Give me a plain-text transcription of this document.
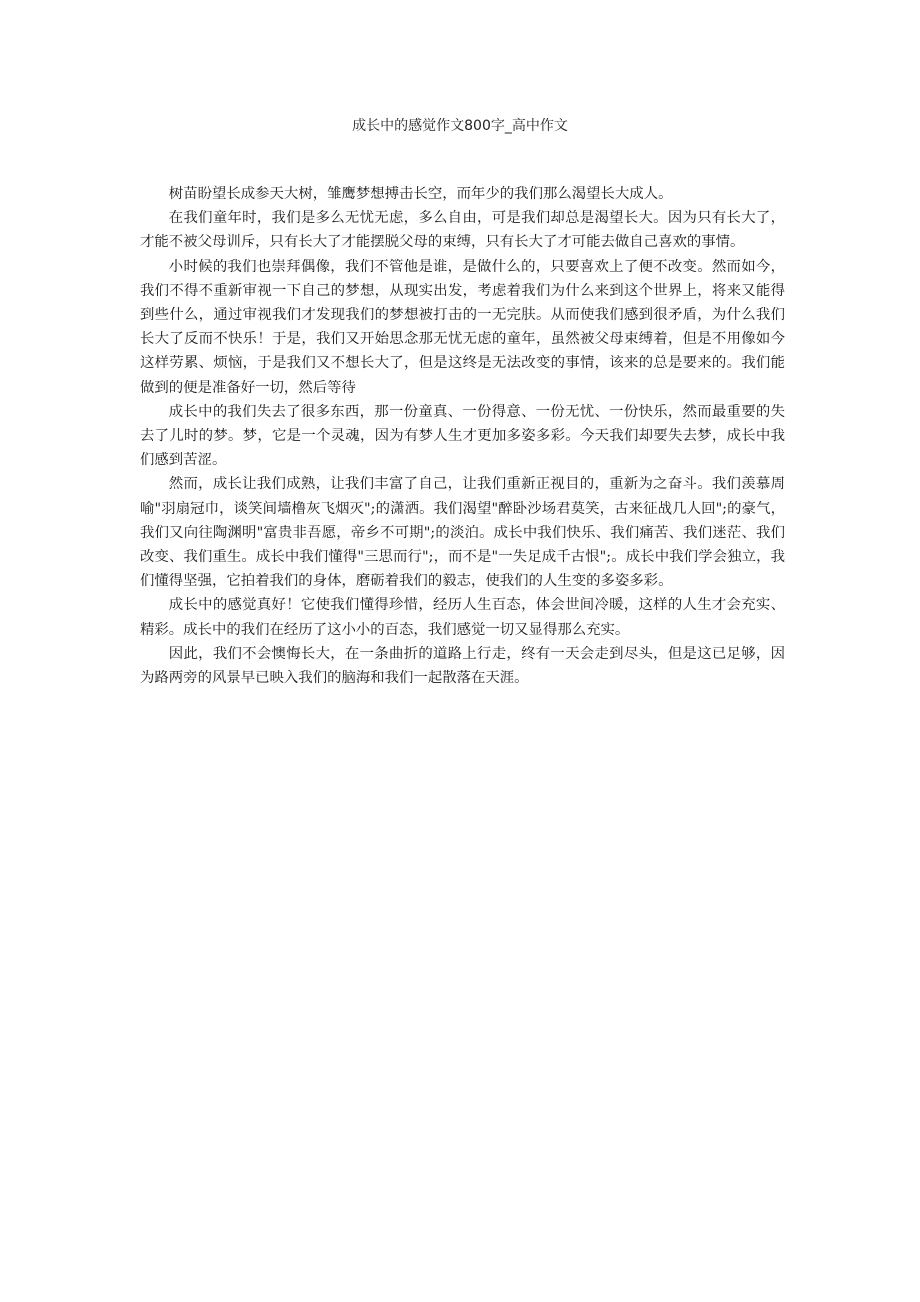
成长中的感觉作文800字_高中作文

树苗盼望长成参天大树，雏鹰梦想搏击长空，而年少的我们那么渴望长大成人。

在我们童年时，我们是多么无忧无虑，多么自由，可是我们却总是渴望长大。因为只有长大了，才能不被父母训斥，只有长大了才能摆脱父母的束缚，只有长大了才可能去做自己喜欢的事情。

小时候的我们也崇拜偶像，我们不管他是谁，是做什么的，只要喜欢上了便不改变。然而如今，我们不得不重新审视一下自己的梦想，从现实出发，考虑着我们为什么来到这个世界上，将来又能得到些什么，通过审视我们才发现我们的梦想被打击的一无完肤。从而使我们感到很矛盾，为什么我们长大了反而不快乐！于是，我们又开始思念那无忧无虑的童年，虽然被父母束缚着，但是不用像如今这样劳累、烦恼，于是我们又不想长大了，但是这终是无法改变的事情，该来的总是要来的。我们能做到的便是准备好一切，然后等待

成长中的我们失去了很多东西，那一份童真、一份得意、一份无忧、一份快乐，然而最重要的失去了儿时的梦。梦，它是一个灵魂，因为有梦人生才更加多姿多彩。今天我们却要失去梦，成长中我们感到苦涩。

然而，成长让我们成熟，让我们丰富了自己，让我们重新正视目的，重新为之奋斗。我们羡慕周喻"羽扇冠巾，谈笑间墙橹灰飞烟灭";的潇洒。我们渴望"醉卧沙场君莫笑，古来征战几人回";的豪气，我们又向往陶渊明"富贵非吾愿，帝乡不可期";的淡泊。成长中我们快乐、我们痛苦、我们迷茫、我们改变、我们重生。成长中我们懂得"三思而行";，而不是"一失足成千古恨";。成长中我们学会独立，我们懂得坚强，它拍着我们的身体，磨砺着我们的毅志，使我们的人生变的多姿多彩。

成长中的感觉真好！它使我们懂得珍惜，经历人生百态，体会世间冷暖，这样的人生才会充实、精彩。成长中的我们在经历了这小小的百态，我们感觉一切又显得那么充实。

因此，我们不会懊悔长大，在一条曲折的道路上行走，终有一天会走到尽头，但是这已足够，因为路两旁的风景早已映入我们的脑海和我们一起散落在天涯。
